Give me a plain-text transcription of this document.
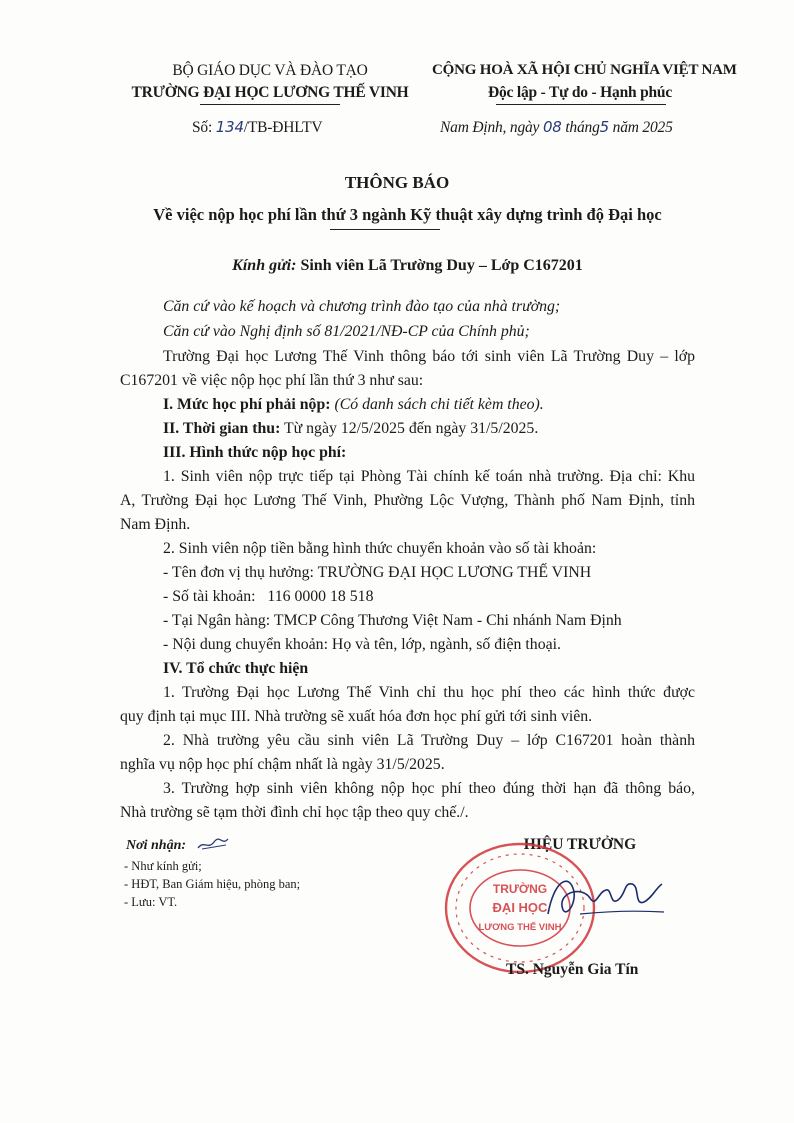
BỘ GIÁO DỤC VÀ ĐÀO TẠO
TRƯỜNG ĐẠI HỌC LƯƠNG THẾ VINH
Số: 134/TB-ĐHLTV
CỘNG HOÀ XÃ HỘI CHỦ NGHĨA VIỆT NAM
Độc lập - Tự do - Hạnh phúc
Nam Định, ngày 08 tháng5 năm 2025
THÔNG BÁO
Về việc nộp học phí lần thứ 3 ngành Kỹ thuật xây dựng trình độ Đại học
Kính gửi: Sinh viên Lã Trường Duy – Lớp C167201
Căn cứ vào kế hoạch và chương trình đào tạo của nhà trường;
Căn cứ vào Nghị định số 81/2021/NĐ-CP của Chính phủ;
Trường Đại học Lương Thế Vinh thông báo tới sinh viên Lã Trường Duy – lớp
C167201 về việc nộp học phí lần thứ 3 như sau:
I. Mức học phí phải nộp: (Có danh sách chi tiết kèm theo).
II. Thời gian thu: Từ ngày 12/5/2025 đến ngày 31/5/2025.
III. Hình thức nộp học phí:
1. Sinh viên nộp trực tiếp tại Phòng Tài chính kế toán nhà trường. Địa chỉ: Khu
A, Trường Đại học Lương Thế Vinh, Phường Lộc Vượng, Thành phố Nam Định, tỉnh
Nam Định.
2. Sinh viên nộp tiền bằng hình thức chuyển khoản vào số tài khoản:
- Tên đơn vị thụ hưởng: TRƯỜNG ĐẠI HỌC LƯƠNG THẾ VINH
- Số tài khoản:   116 0000 18 518
- Tại Ngân hàng: TMCP Công Thương Việt Nam - Chi nhánh Nam Định
- Nội dung chuyển khoản: Họ và tên, lớp, ngành, số điện thoại.
IV. Tổ chức thực hiện
1. Trường Đại học Lương Thế Vinh chỉ thu học phí theo các hình thức được
quy định tại mục III. Nhà trường sẽ xuất hóa đơn học phí gửi tới sinh viên.
2. Nhà trường yêu cầu sinh viên Lã Trường Duy – lớp C167201 hoàn thành
nghĩa vụ nộp học phí chậm nhất là ngày 31/5/2025.
3. Trường hợp sinh viên không nộp học phí theo đúng thời hạn đã thông báo,
Nhà trường sẽ tạm thời đình chỉ học tập theo quy chế./.
Nơi nhận:
- Như kính gửi;
- HĐT, Ban Giám hiệu, phòng ban;
- Lưu: VT.
HIỆU TRƯỞNG
TRƯỜNG
ĐẠI HỌC
LƯƠNG THẾ VINH
TS. Nguyễn Gia Tín
